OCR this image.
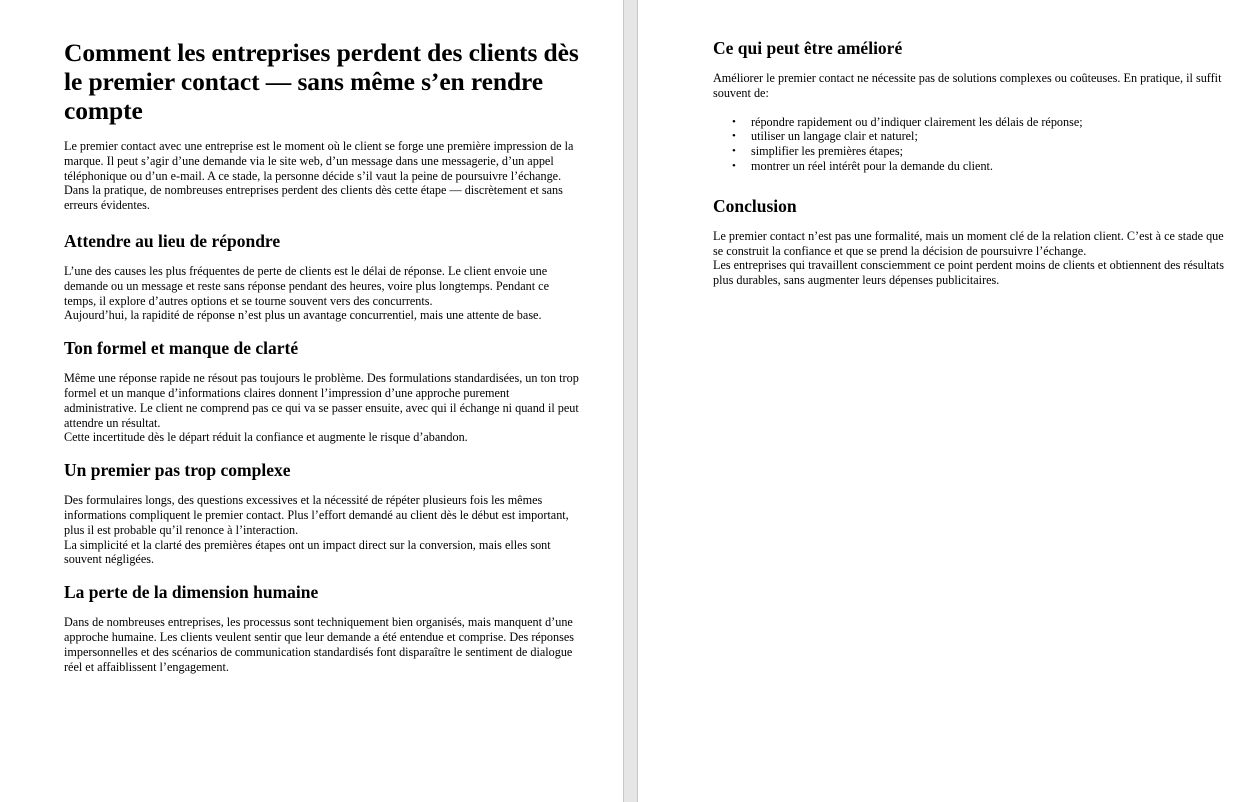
Comment les entreprises perdent des clients dès le premier contact — sans même s’en rendre compte

Le premier contact avec une entreprise est le moment où le client se forge une première impression de la marque. Il peut s’agir d’une demande via le site web, d’un message dans une messagerie, d’un appel téléphonique ou d’un e-mail. A ce stade, la personne décide s’il vaut la peine de poursuivre l’échange.

Dans la pratique, de nombreuses entreprises perdent des clients dès cette étape — discrètement et sans erreurs évidentes.

Attendre au lieu de répondre

L’une des causes les plus fréquentes de perte de clients est le délai de réponse. Le client envoie une demande ou un message et reste sans réponse pendant des heures, voire plus longtemps. Pendant ce temps, il explore d’autres options et se tourne souvent vers des concurrents.

Aujourd’hui, la rapidité de réponse n’est plus un avantage concurrentiel, mais une attente de base.

Ton formel et manque de clarté

Même une réponse rapide ne résout pas toujours le problème. Des formulations standardisées, un ton trop formel et un manque d’informations claires donnent l’impression d’une approche purement administrative. Le client ne comprend pas ce qui va se passer ensuite, avec qui il échange ni quand il peut attendre un résultat.

Cette incertitude dès le départ réduit la confiance et augmente le risque d’abandon.

Un premier pas trop complexe

Des formulaires longs, des questions excessives et la nécessité de répéter plusieurs fois les mêmes informations compliquent le premier contact. Plus l’effort demandé au client dès le début est important, plus il est probable qu’il renonce à l’interaction.

La simplicité et la clarté des premières étapes ont un impact direct sur la conversion, mais elles sont souvent négligées.

La perte de la dimension humaine

Dans de nombreuses entreprises, les processus sont techniquement bien organisés, mais manquent d’une approche humaine. Les clients veulent sentir que leur demande a été entendue et comprise. Des réponses impersonnelles et des scénarios de communication standardisés font disparaître le sentiment de dialogue réel et affaiblissent l’engagement.

Ce qui peut être amélioré

Améliorer le premier contact ne nécessite pas de solutions complexes ou coûteuses. En pratique, il suffit souvent de:

• répondre rapidement ou d’indiquer clairement les délais de réponse;
• utiliser un langage clair et naturel;
• simplifier les premières étapes;
• montrer un réel intérêt pour la demande du client.
Conclusion

Le premier contact n’est pas une formalité, mais un moment clé de la relation client. C’est à ce stade que se construit la confiance et que se prend la décision de poursuivre l’échange.

Les entreprises qui travaillent consciemment ce point perdent moins de clients et obtiennent des résultats plus durables, sans augmenter leurs dépenses publicitaires.
